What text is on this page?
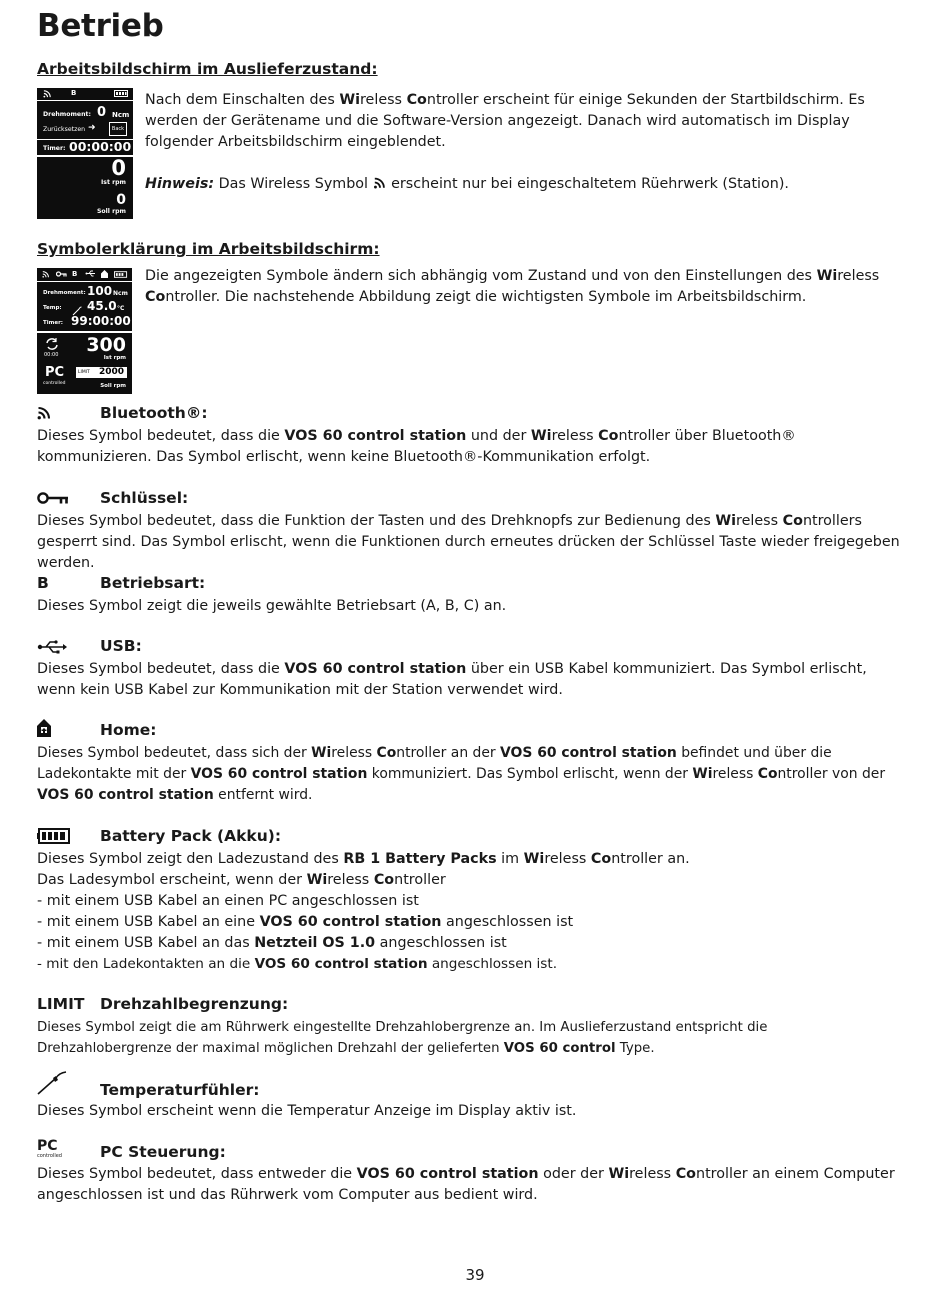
Betrieb
Arbeitsbildschirm im Auslieferzustand:
B
Drehmoment: 0 Ncm
Zurücksetzen ➜	Back
Timer: 00:00:00
0
Ist rpm
0
Soll rpm

Nach dem Einschalten des Wireless Controller erscheint für einige Sekunden der Startbildschirm. Es werden der Gerätename und die Software-Version angezeigt. Danach wird automatisch im Display folgender Arbeitsbildschirm eingeblendet.

Hinweis: Das Wireless Symbol erscheint nur bei eingeschaltetem Rüehrwerk (Station).

Symbolerklärung im Arbeitsbildschirm:
B
Drehmoment: 100 Ncm
Temp: 45.0 °C
Timer: 99:00:00
00:00 300
Ist rpm
PC
controlled
LIMIT 2000
Soll rpm

Die angezeigten Symbole ändern sich abhängig vom Zustand und von den Einstellungen des Wireless Controller. Die nachstehende Abbildung zeigt die wichtigsten Symbole im Arbeitsbildschirm.

Bluetooth®:

Dieses Symbol bedeutet, dass die VOS 60 control station und der Wireless Controller über Bluetooth® kommunizieren. Das Symbol erlischt, wenn keine Bluetooth®-Kommunikation erfolgt.

Schlüssel:

Dieses Symbol bedeutet, dass die Funktion der Tasten und des Drehknopfs zur Bedienung des Wireless Controllers gesperrt sind. Das Symbol erlischt, wenn die Funktionen durch erneutes drücken der Schlüssel Taste wieder freigegeben werden.

B	Betriebsart:

Dieses Symbol zeigt die jeweils gewählte Betriebsart (A, B, C) an.

USB:

Dieses Symbol bedeutet, dass die VOS 60 control station über ein USB Kabel kommuniziert. Das Symbol erlischt, wenn kein USB Kabel zur Kommunikation mit der Station verwendet wird.

Home:

Dieses Symbol bedeutet, dass sich der Wireless Controller an der VOS 60 control station befindet und über die Ladekontakte mit der VOS 60 control station kommuniziert. Das Symbol erlischt, wenn der Wireless Controller von der VOS 60 control station entfernt wird.

Battery Pack (Akku):

Dieses Symbol zeigt den Ladezustand des RB 1 Battery Packs im Wireless Controller an.

Das Ladesymbol erscheint, wenn der Wireless Controller

- mit einem USB Kabel an einen PC angeschlossen ist

- mit einem USB Kabel an eine VOS 60 control station angeschlossen ist

- mit einem USB Kabel an das Netzteil OS 1.0 angeschlossen ist

- mit den Ladekontakten an die VOS 60 control station angeschlossen ist.

LIMIT	Drehzahlbegrenzung:

Dieses Symbol zeigt die am Rührwerk eingestellte Drehzahlobergrenze an. Im Auslieferzustand entspricht die Drehzahlobergrenze der maximal möglichen Drehzahl der gelieferten VOS 60 control Type.

Temperaturfühler:

Dieses Symbol erscheint wenn die Temperatur Anzeige im Display aktiv ist.

PC
controlled PC Steuerung:

Dieses Symbol bedeutet, dass entweder die VOS 60 control station oder der Wireless Controller an einem Computer angeschlossen ist und das Rührwerk vom Computer aus bedient wird.

39
